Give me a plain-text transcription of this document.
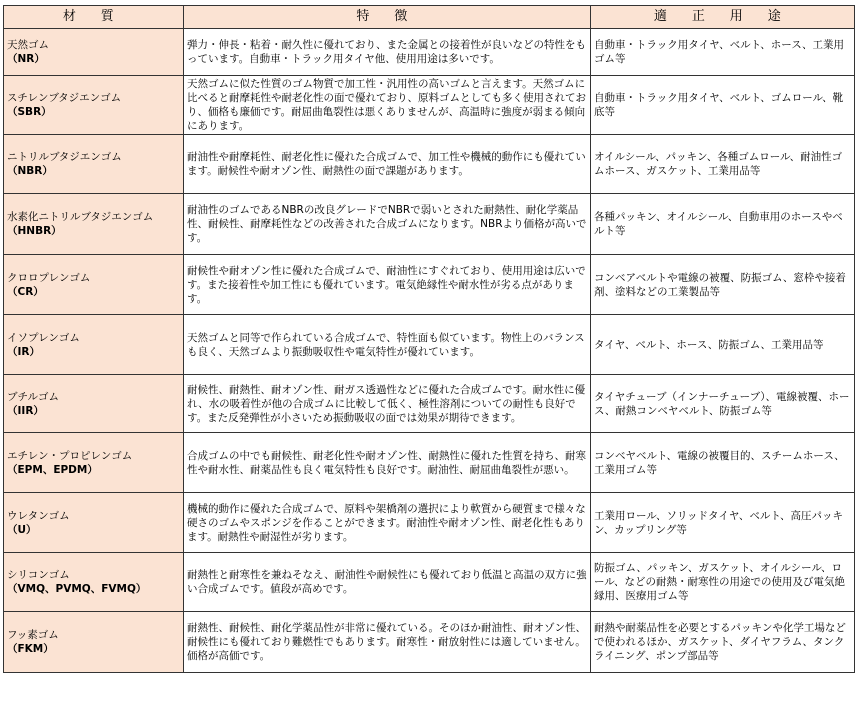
材 質	特 徴	適 正 用 途

天然ゴム
（NR）	弾力・伸長・粘着・耐久性に優れており、また金属との接着性が良いなどの特性をもっています。自動車・トラック用タイヤ他、使用用途は多いです。	自動車・トラック用タイヤ、ベルト、ホース、工業用ゴム等

スチレンブタジエンゴム
（SBR）	天然ゴムに似た性質のゴム物質で加工性・汎用性の高いゴムと言えます。天然ゴムに比べると耐摩耗性や耐老化性の面で優れており、原料ゴムとしても多く使用されており、価格も廉価です。耐屈曲亀裂性は悪くありませんが、高温時に強度が弱まる傾向にあります。	自動車・トラック用タイヤ、ベルト、ゴムロール、靴底等

ニトリルブタジエンゴム
（NBR）	耐油性や耐摩耗性、耐老化性に優れた合成ゴムで、加工性や機械的動作にも優れています。耐候性や耐オゾン性、耐熱性の面で課題があります。	オイルシール、パッキン、各種ゴムロール、耐油性ゴムホース、ガスケット、工業用品等

水素化ニトリルブタジエンゴム
（HNBR）	耐油性のゴムであるNBRの改良グレードでNBRで弱いとされた耐熱性、耐化学薬品性、耐候性、耐摩耗性などの改善された合成ゴムになります。NBRより価格が高いです。	各種パッキン、オイルシール、自動車用のホースやベルト等

クロロプレンゴム
（CR）	耐候性や耐オゾン性に優れた合成ゴムで、耐油性にすぐれており、使用用途は広いです。また接着性や加工性にも優れています。電気絶縁性や耐水性が劣る点があります。	コンベアベルトや電線の被覆、防振ゴム、窓枠や接着剤、塗料などの工業製品等

イソプレンゴム
（IR）	天然ゴムと同等で作られている合成ゴムで、特性面も似ています。物性上のバランスも良く、天然ゴムより振動吸収性や電気特性が優れています。	タイヤ、ベルト、ホース、防振ゴム、工業用品等

ブチルゴム
（IIR）	耐候性、耐熱性、耐オゾン性、耐ガス透過性などに優れた合成ゴムです。耐水性に優れ、水の吸着性が他の合成ゴムに比較して低く、極性溶剤についての耐性も良好です。また反発弾性が小さいため振動吸収の面では効果が期待できます。	タイヤチューブ（インナーチューブ）、電線被覆、ホース、耐熱コンベヤベルト、防振ゴム等

エチレン・プロピレンゴム
（EPM、EPDM）	合成ゴムの中でも耐候性、耐老化性や耐オゾン性、耐熱性に優れた性質を持ち、耐寒性や耐水性、耐薬品性も良く電気特性も良好です。耐油性、耐屈曲亀裂性が悪い。	コンベヤベルト、電線の被覆目的、スチームホース、工業用ゴム等

ウレタンゴム
（U）	機械的動作に優れた合成ゴムで、原料や架橋剤の選択により軟質から硬質まで様々な硬さのゴムやスポンジを作ることができます。耐油性や耐オゾン性、耐老化性もあります。耐熱性や耐湿性が劣ります。	工業用ロール、ソリッドタイヤ、ベルト、高圧パッキン、カップリング等

シリコンゴム
（VMQ、PVMQ、FVMQ）	耐熱性と耐寒性を兼ねそなえ、耐油性や耐候性にも優れており低温と高温の双方に強い合成ゴムです。値段が高めです。	防振ゴム、パッキン、ガスケット、オイルシール、ロール、などの耐熱・耐寒性の用途での使用及び電気絶縁用、医療用ゴム等

フッ素ゴム
（FKM）	耐熱性、耐候性、耐化学薬品性が非常に優れている。そのほか耐油性、耐オゾン性、耐候性にも優れており難燃性でもあります。耐寒性・耐放射性には適していません。価格が高価です。	耐熱や耐薬品性を必要とするパッキンや化学工場などで使われるほか、ガスケット、ダイヤフラム、タンクライニング、ポンプ部品等
